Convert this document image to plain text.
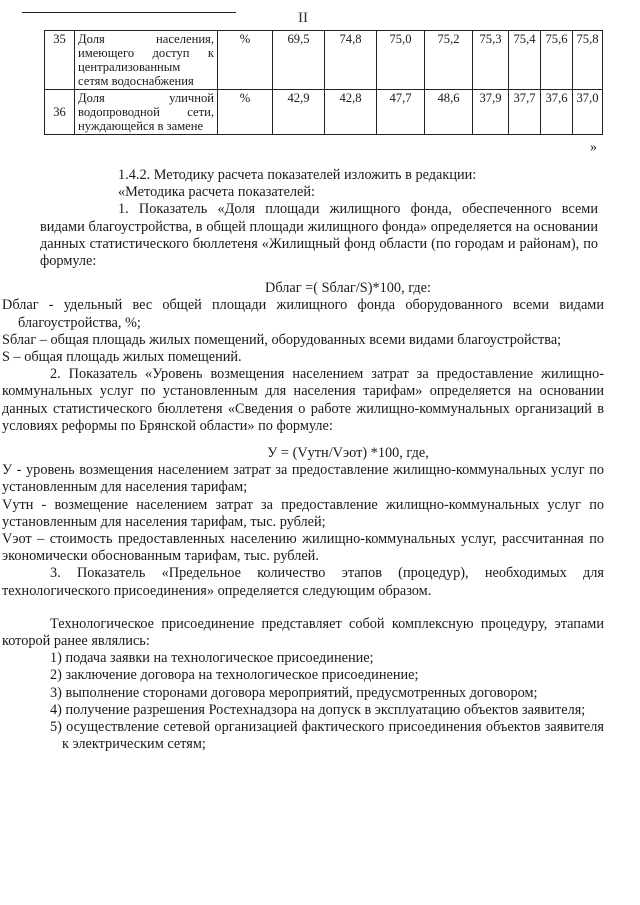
II
35	Доля населения,
имеющего доступ к
централизованным
сетям водоснабжения	%	69,5	74,8	75,0	75,2	75,3	75,4	75,6	75,8
36	Доля уличной
водопроводной сети,
нуждающейся в замене	%	42,9	42,8	47,7	48,6	37,9	37,7	37,6	37,0
»

1.4.2. Методику расчета показателей изложить в редакции:

«Методика расчета показателей:

1. Показатель «Доля площади жилищного фонда, обеспеченного всеми видами благоустройства, в общей площади жилищного фонда» определяется на основании данных статистического бюллетеня «Жилищный фонд области (по городам и районам), по формуле:

Dблаг =( Sблаг/S)*100, где:

Dблаг - удельный вес общей площади жилищного фонда оборудованного всеми видами благоустройства, %;

Sблаг – общая площадь жилых помещений, оборудованных всеми видами благоустройства;

S – общая площадь жилых помещений.

2. Показатель «Уровень возмещения населением затрат за предоставление жилищно-коммунальных услуг по установленным для населения тарифам» определяется на основании данных статистического бюллетеня «Сведения о работе жилищно-коммунальных организаций в условиях реформы по Брянской области» по формуле:

У = (Vутн/Vэот) *100, где,

У - уровень возмещения населением затрат за предоставление жилищно-коммунальных услуг по установленным для населения тарифам;

Vутн - возмещение населением затрат за предоставление жилищно-коммунальных услуг по установленным для населения тарифам, тыс. рублей;

Vэот – стоимость предоставленных населению жилищно-коммунальных услуг, рассчитанная по экономически обоснованным тарифам, тыс. рублей.

3. Показатель «Предельное количество этапов (процедур), необходимых для технологического присоединения» определяется следующим образом.

Технологическое присоединение представляет собой комплексную процедуру, этапами которой ранее являлись:

1) подача заявки на технологическое присоединение;

2) заключение договора на технологическое присоединение;

3) выполнение сторонами договора мероприятий, предусмотренных договором;

4) получение разрешения Ростехнадзора на допуск в эксплуатацию объектов заявителя;

5) осуществление сетевой организацией фактического присоединения объектов заявителя к электрическим сетям;
